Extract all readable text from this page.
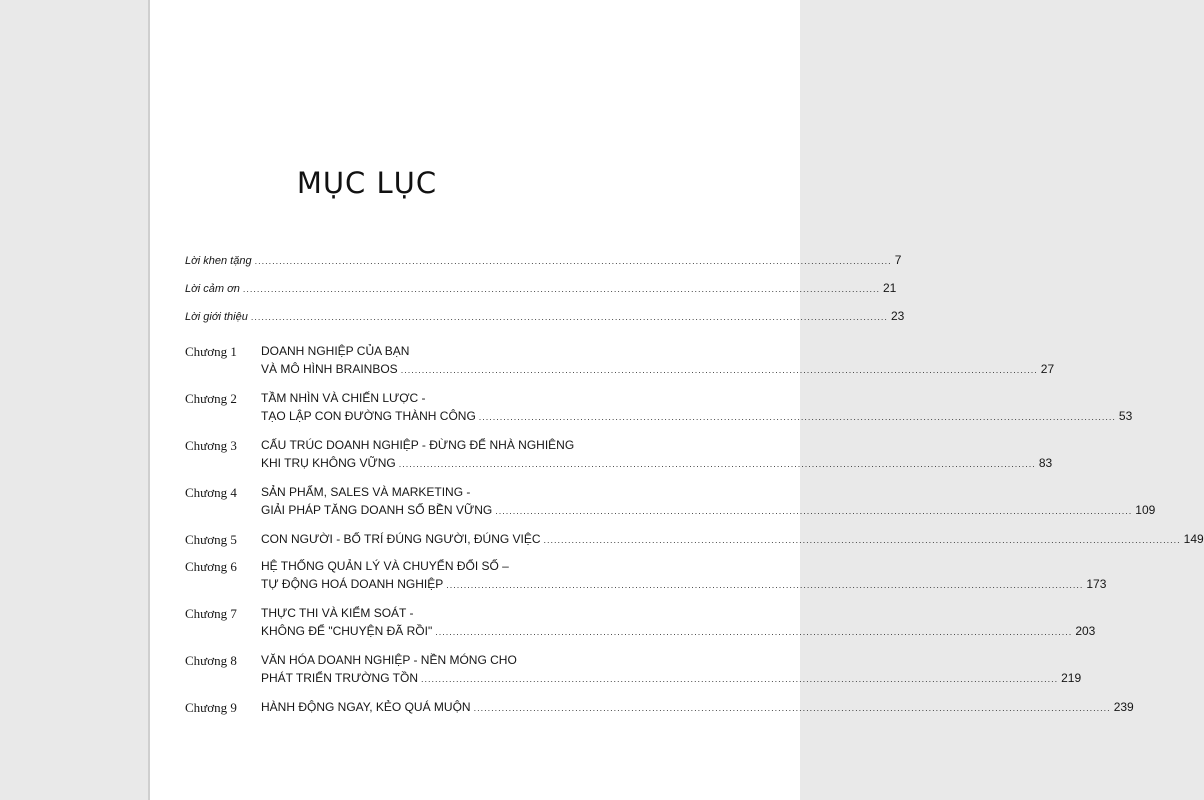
MỤC LỤC
Lời khen tặng .....	7
Lời cảm ơn .....	21
Lời giới thiệu .....	23
Chương 1	DOANH NGHIỆP CỦA BẠN
VÀ MÔ HÌNH BRAINBOS .....	27
Chương 2	TẦM NHÌN VÀ CHIẾN LƯỢC -
TẠO LẬP CON ĐƯỜNG THÀNH CÔNG .....	53
Chương 3	CẤU TRÚC DOANH NGHIỆP - ĐỪNG ĐỂ NHÀ NGHIÊNG
KHI TRỤ KHÔNG VỮNG .....	83
Chương 4	SẢN PHẨM, SALES VÀ MARKETING -
GIẢI PHÁP TĂNG DOANH SỐ BỀN VỮNG .....	109
Chương 5	CON NGƯỜI - BỐ TRÍ ĐÚNG NGƯỜI, ĐÚNG VIỆC .....	149
Chương 6	HỆ THỐNG QUẢN LÝ VÀ CHUYỂN ĐỔI SỐ –
TỰ ĐỘNG HOÁ DOANH NGHIỆP .....	173
Chương 7	THỰC THI VÀ KIỂM SOÁT -
KHÔNG ĐỂ "CHUYỆN ĐÃ RỒI" .....	203
Chương 8	VĂN HÓA DOANH NGHIỆP - NỀN MÓNG CHO
PHÁT TRIỂN TRƯỜNG TỒN .....	219
Chương 9	HÀNH ĐỘNG NGAY, KẺO QUÁ MUỘN .....	239
